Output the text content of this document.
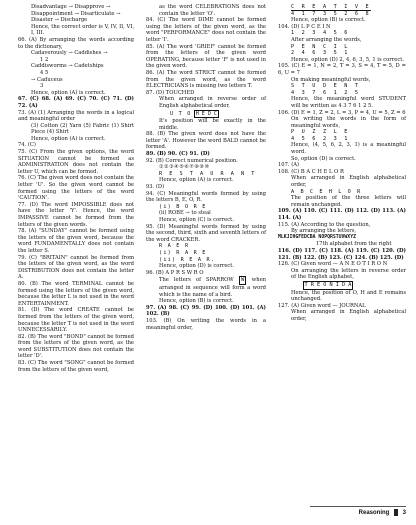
Disadvantage → Disapprove →
Disappointment → Disarticulate →
Disaster → Discharge
Hence, the correct order is V, IV, II, VI, I, III.
66. (A) By arranging the words according to the dictionary,
Cadaverously → Caddishes →
1 2
Caddisworms → Cadetships
4 5
→ Caduceus
3
Hence, option (A) is correct.
67. (C) 68. (A) 69. (C) 70. (C) 71. (D) 72. (A)
73. (A) (1) Arranging the words in a logical and meaningful order
(3) Cotton (2) Yarn (5) Fabric (1) Shirt Piece (4) Shirt
Hence, option (A) is correct.
74. (C)
75. (C) From the given options, the word SITUATION cannot be formed as ADMINISTRATION does not contain the letter U, which can be formed.
76. (C) The given word does not contain the letter 'U'. So the given word cannot be formed using the letters of the word 'CAUTION'.
77. (D) The word IMPOSSIBLE does not have the letter 'Y'. Hence, the word IMPASSIVE cannot be formed from the letters of the given words.
78. (A) "SUNDAY" cannot be formed using the letters of the given word, because the word FUNDAMENTALLY does not contain the letter S.
79. (C) "BRITAIN" cannot be formed from the letters of the given word, as the word DISTRIBUTION does not contain the letter A.
80. (B) The word TERMINAL cannot be formed using the letters of the given word, because the letter L is not used in the word ENTERTAINMENT.
81. (D) The word CREATE cannot be formed from the letters of the given word, because the letter T is not used in the word UNNECESSARILY.
82. (B) The word "BOND" cannot be formed from the letters of the given word, as the word SUBSTITUTION does not contain the letter 'D'.
83. (C) The word "SONG" cannot be formed from the letters of the given word,
as the word CELEBRATIONS does not contain the letter 'O'.
84. (C) The word DIME cannot be formed using the letters of the given word, as the word "PERFORMANCE" does not contain the letter 'I'.
85. (A) The word 'GRIEF' cannot be formed from the letters of the given word OPERATING, because letter 'F' is not used in the given word.
86. (A) The word STRICT cannot be formed from the given word, as the word ELECTRICIANS is missing two letters T.
87. (D) TOUCHED
When arranged in reverse order of English alphabetical order,
U T O H E D C
It's position will be exactly in the middle.
88. (B) The given word does not have the letter 'A'. However the word BALD cannot be formed.
89. (B) 90. (C) 91. (D)
92. (B) Correct numerical position.
①②③④⑤⑥⑦⑧⑨⑩
R E S T A U R A N T
Hence, option (A) is correct.
93. (D)
94. (C) Meaningful words formed by using the letters B, E, O, R.
(i) B O R E
(ii) ROBE → to steal
Hence, option (C) is correct.
95. (D) Meaningful words formed by using the second, third, sixth and seventh letters of the word CRACKER.
R A E R
(i) R A R E
(ii) R E A R.
Hence, option (D) is correct.
96. (B) A P R S W R O
The letters of SPARROW W when arranged in sequence will form a word which is the name of a bird.
Hence, option (B) is correct.
97. (A) 98. (C) 99. (D) 100. (D) 101. (A) 102. (B)
103. (B) On writing the words in a meaningful order,
C R E A T I V E
4 1 7 3 5 2 6 8
Hence, option (B) is correct.
104. (D) L P C E I N
1 2 3 4 5 6
After arranging the words,
P E N C I L
2 4 6 3 5 1
Hence, option (D) 2, 4, 6, 3, 5, 1 is correct.
105. (C) E = 1, N = 2, T = 3, S = 4, T = 5, D = 6, U = 7
On making meaningful words,
S T U D E N T
4 3 7 6 1 2 5
Hence, the meaningful word STUDENT will be written as 4 3 7 6 1 2 5.
106. (D) E = 1, Z = 2, L = 3, P = 4, U = 5, Z = 6
On writing the words in the form of meaningful words,
P U Z Z L E
4 5 6 2 3 1
Hence, (4, 5, 6, 2, 3, 1) is a meaningful word.
So, option (D) is correct.
107. (A)
108. (C) B A C H E L O R
When arranged in English alphabetical order,
A B C E H L O R
The position of the three letters will remain unchanged.
109. (A) 110. (C) 111. (D) 112. (D) 113. (A) 114. (A)
115. (A) According to the question,
By arranging the letters,
MLKJIHGFEDCBA NOPQRSTUVWXYZ
17th alphabet from the right
116. (D) 117. (C) 118. (A) 119. (C) 120. (D) 121. (B) 122. (B) 123. (C) 124. (B) 125. (D)
126. (C) Given word — A N E O T I R O N
On arranging the letters in reverse order of the English alphabet,
T R E O N I D A
Hence, the position of O, H and E remains unchanged.
127. (A) Given word — JOURNAL
When arranged in English alphabetical order,
Reasoning 3
